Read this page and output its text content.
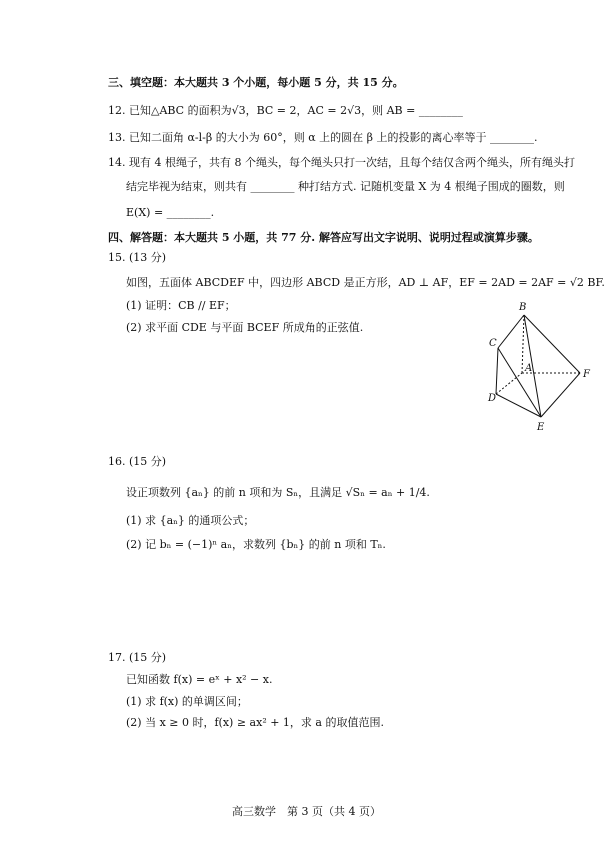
三、填空题：本大题共 3 个小题，每小题 5 分，共 15 分。
12. 已知△ABC 的面积为√3，BC = 2，AC = 2√3，则 AB = ________
13. 已知二面角 α-l-β 的大小为 60°，则 α 上的圆在 β 上的投影的离心率等于 ________.
14. 现有 4 根绳子，共有 8 个绳头，每个绳头只打一次结，且每个结仅含两个绳头，所有绳头打
结完毕视为结束，则共有 ________ 种打结方式. 记随机变量 X 为 4 根绳子围成的圈数，则
E(X) = ________.
四、解答题：本大题共 5 小题，共 77 分. 解答应写出文字说明、说明过程或演算步骤。
15. (13 分)
如图，五面体 ABCDEF 中，四边形 ABCD 是正方形，AD ⊥ AF，EF = 2AD = 2AF = √2 BF.
(1) 证明：CB // EF；
(2) 求平面 CDE 与平面 BCEF 所成角的正弦值.
B
C
A
F
D
E
16. (15 分)
设正项数列 {aₙ} 的前 n 项和为 Sₙ，且满足 √Sₙ = aₙ + 1/4.
(1) 求 {aₙ} 的通项公式；
(2) 记 bₙ = (−1)ⁿ aₙ，求数列 {bₙ} 的前 n 项和 Tₙ.
17. (15 分)
已知函数 f(x) = eˣ + x² − x.
(1) 求 f(x) 的单调区间；
(2) 当 x ≥ 0 时，f(x) ≥ ax² + 1，求 a 的取值范围.
高三数学　第 3 页（共 4 页）
